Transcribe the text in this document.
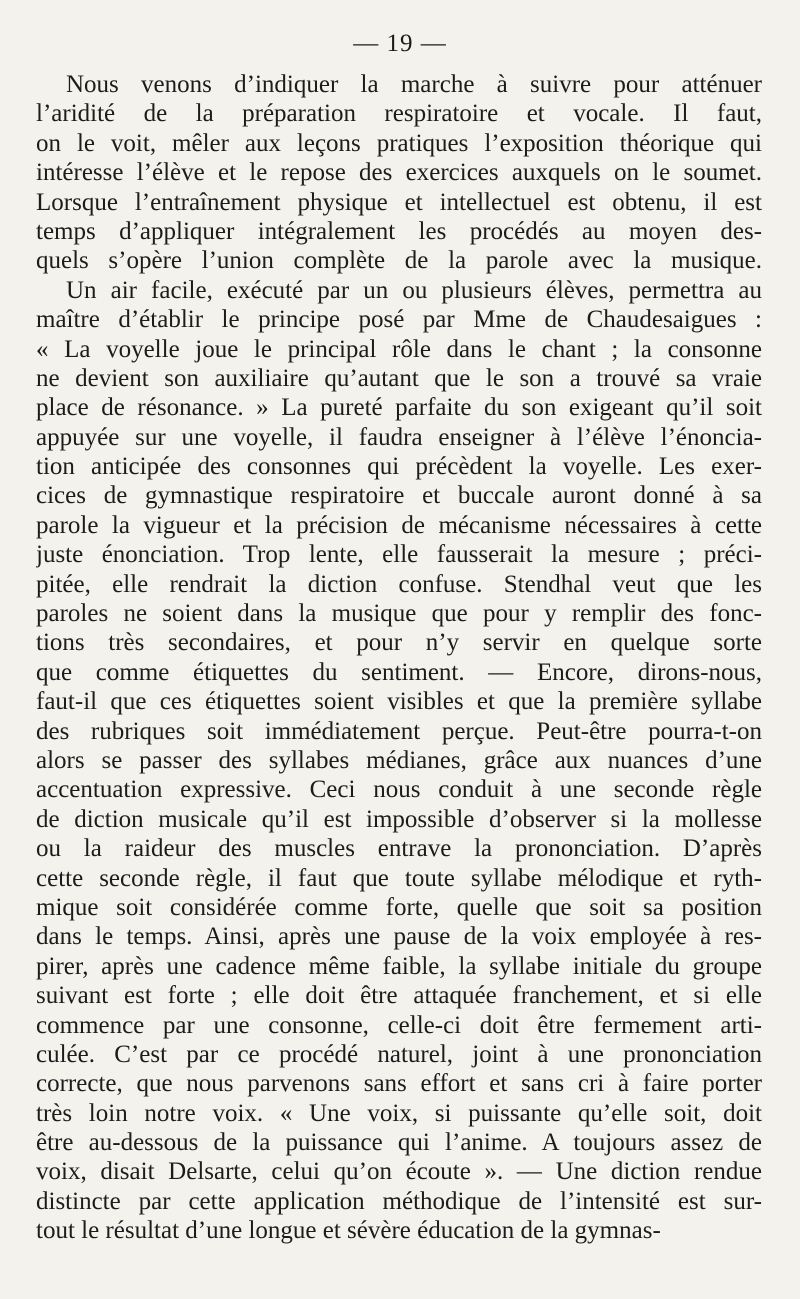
— 19 —
Nous venons d’indiquer la marche à suivre pour atténuer
l’aridité de la préparation respiratoire et vocale. Il faut,
on le voit, mêler aux leçons pratiques l’exposition théorique qui
intéresse l’élève et le repose des exercices auxquels on le soumet.
Lorsque l’entraînement physique et intellectuel est obtenu, il est
temps d’appliquer intégralement les procédés au moyen des-
quels s’opère l’union complète de la parole avec la musique.
Un air facile, exécuté par un ou plusieurs élèves, permettra au
maître d’établir le principe posé par Mme de Chaudesaigues :
« La voyelle joue le principal rôle dans le chant ; la consonne
ne devient son auxiliaire qu’autant que le son a trouvé sa vraie
place de résonance. » La pureté parfaite du son exigeant qu’il soit
appuyée sur une voyelle, il faudra enseigner à l’élève l’énoncia-
tion anticipée des consonnes qui précèdent la voyelle. Les exer-
cices de gymnastique respiratoire et buccale auront donné à sa
parole la vigueur et la précision de mécanisme nécessaires à cette
juste énonciation. Trop lente, elle fausserait la mesure ; préci-
pitée, elle rendrait la diction confuse. Stendhal veut que les
paroles ne soient dans la musique que pour y remplir des fonc-
tions très secondaires, et pour n’y servir en quelque sorte
que comme étiquettes du sentiment. — Encore, dirons-nous,
faut-il que ces étiquettes soient visibles et que la première syllabe
des rubriques soit immédiatement perçue. Peut-être pourra-t-on
alors se passer des syllabes médianes, grâce aux nuances d’une
accentuation expressive. Ceci nous conduit à une seconde règle
de diction musicale qu’il est impossible d’observer si la mollesse
ou la raideur des muscles entrave la prononciation. D’après
cette seconde règle, il faut que toute syllabe mélodique et ryth-
mique soit considérée comme forte, quelle que soit sa position
dans le temps. Ainsi, après une pause de la voix employée à res-
pirer, après une cadence même faible, la syllabe initiale du groupe
suivant est forte ; elle doit être attaquée franchement, et si elle
commence par une consonne, celle-ci doit être fermement arti-
culée. C’est par ce procédé naturel, joint à une prononciation
correcte, que nous parvenons sans effort et sans cri à faire porter
très loin notre voix. « Une voix, si puissante qu’elle soit, doit
être au-dessous de la puissance qui l’anime. A toujours assez de
voix, disait Delsarte, celui qu’on écoute ». — Une diction rendue
distincte par cette application méthodique de l’intensité est sur-
tout le résultat d’une longue et sévère éducation de la gymnas-
